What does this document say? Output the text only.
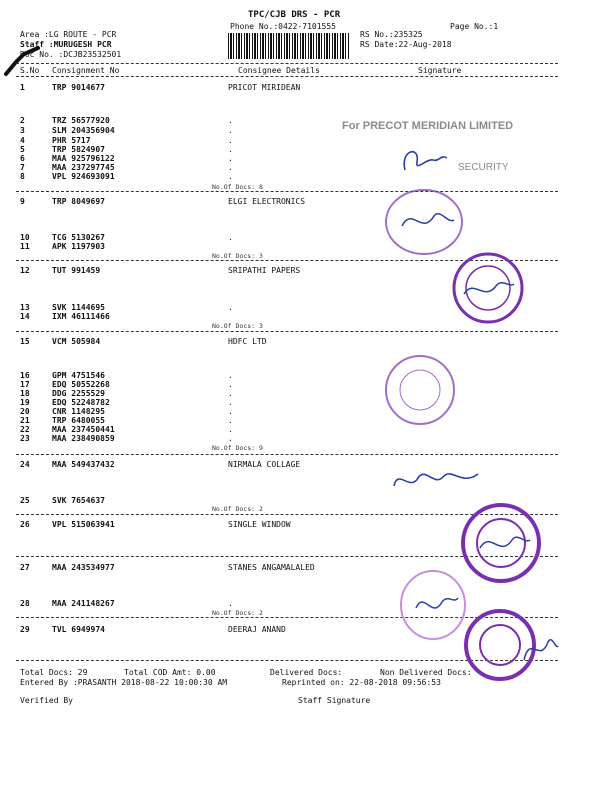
TPC/CJB DRS - PCR
Phone No.:0422-7101555	Page No.:1
Area :LG ROUTE - PCR
Staff :MURUGESH PCR
Doc No. :DCJB23532501
RS No.:235325
RS Date:22-Aug-2018
S.No Consignment No	Consignee Details	Signature
1	TRP 9014677	PRICOT MIRIDEAN
2	TRZ 56577920	.
3	SLM 204356904	.
4	PHR 5717	.
5	TRP 5824907	.
6	MAA 925796122	.
7	MAA 237297745	.
8	VPL 924693091	.
No.Of Docs: 8
9	TRP 8049697	ELGI ELECTRONICS
10	TCG 5130267	.
11	APK 1197903
No.Of Docs: 3
12	TUT 991459	SRIPATHI PAPERS
13	SVK 1144695	.
14	IXM 46111466
No.Of Docs: 3
15	VCM 505984	HDFC LTD
16	GPM 4751546	.
17	EDQ 50552268	.
18	DDG 2255529	.
19	EDQ 52248782	.
20	CNR 1148295	.
21	TRP 6480055	.
22	MAA 237450441	.
23	MAA 238490859	.
No.Of Docs: 9
24	MAA 549437432	NIRMALA COLLAGE
25	SVK 7654637
No.Of Docs: 2
26	VPL 515063941	SINGLE WINDOW
27	MAA 243534977	STANES ANGAMALALED
28	MAA 241148267	.
No.Of Docs: 2
29	TVL 6949974	DEERAJ ANAND
Total Docs: 29	Total COD Amt: 0.00	Delivered Docs:	Non Delivered Docs:
Entered By :PRASANTH 2018-08-22 10:00:30 AM	Reprinted on: 22-08-2018 09:56:53
Verified By	Staff Signature
For PRECOT MERIDIAN LIMITED
SECURITY
